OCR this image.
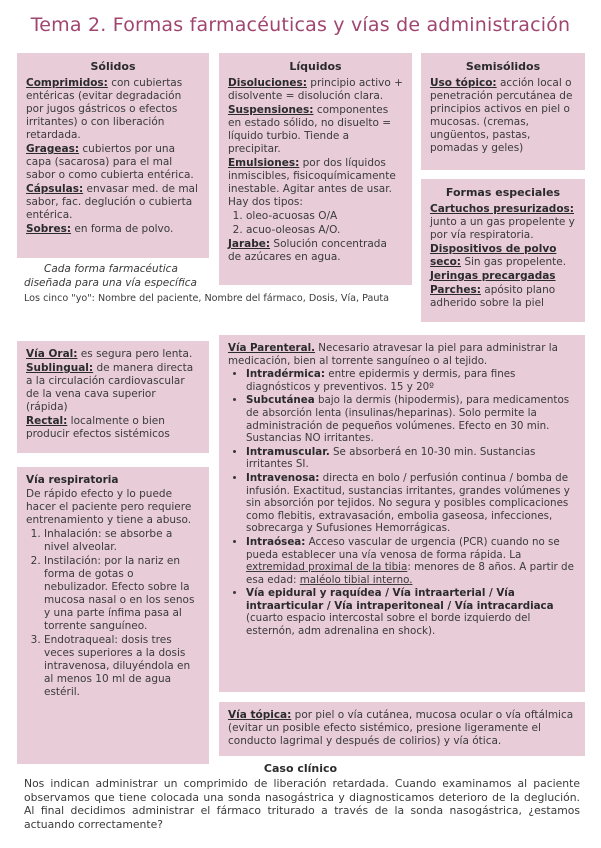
Tema 2. Formas farmacéuticas y vías de administración
Sólidos

Comprimidos: con cubiertas entéricas (evitar degradación por jugos gástricos o efectos irritantes) o con liberación retardada.

Grageas: cubiertos por una capa (sacarosa) para el mal sabor o como cubierta entérica.

Cápsulas: envasar med. de mal sabor, fac. deglución o cubierta entérica.

Sobres: en forma de polvo.

Líquidos

Disoluciones: principio activo + disolvente = disolución clara.

Suspensiones: componentes en estado sólido, no disuelto = líquido turbio. Tiende a precipitar.

Emulsiones: por dos líquidos inmiscibles, fisicoquímicamente inestable. Agitar antes de usar. Hay dos tipos:

1. oleo-acuosas O/A
2. acuo-oleosas A/O.

Jarabe: Solución concentrada de azúcares en agua.

Semisólidos

Uso tópico: acción local o penetración percutánea de principios activos en piel o mucosas. (cremas, ungüentos, pastas, pomadas y geles)

Formas especiales

Cartuchos presurizados: junto a un gas propelente y por vía respiratoria.

Dispositivos de polvo seco: Sin gas propelente.

Jeringas precargadas

Parches: apósito plano adherido sobre la piel

Cada forma farmacéutica
diseñada para una vía específica
Los cinco "yo": Nombre del paciente, Nombre del fármaco, Dosis, Vía, Pauta

Vía Oral: es segura pero lenta.

Sublingual: de manera directa a la circulación cardiovascular de la vena cava superior (rápida)

Rectal: localmente o bien producir efectos sistémicos

Vía respiratoria

De rápido efecto y lo puede hacer el paciente pero requiere entrenamiento y tiene a abuso.

1. Inhalación: se absorbe a nivel alveolar.
2. Instilación: por la nariz en forma de gotas o nebulizador. Efecto sobre la mucosa nasal o en los senos y una parte ínfima pasa al torrente sanguíneo.
3. Endotraqueal: dosis tres veces superiores a la dosis intravenosa, diluyéndola en al menos 10 ml de agua estéril.

Vía Parenteral. Necesario atravesar la piel para administrar la medicación, bien al torrente sanguíneo o al tejido.

• Intradérmica: entre epidermis y dermis, para fines diagnósticos y preventivos. 15 y 20º
• Subcutánea bajo la dermis (hipodermis), para medicamentos de absorción lenta (insulinas/heparinas). Solo permite la administración de pequeños volúmenes. Efecto en 30 min. Sustancias NO irritantes.
• Intramuscular. Se absorberá en 10-30 min. Sustancias irritantes SI.
• Intravenosa: directa en bolo / perfusión continua / bomba de infusión. Exactitud, sustancias irritantes, grandes volúmenes y sin absorción por tejidos. No segura y posibles complicaciones como flebitis, extravasación, embolia gaseosa, infecciones, sobrecarga y Sufusiones Hemorrágicas.
• Intraósea: Acceso vascular de urgencia (PCR) cuando no se pueda establecer una vía venosa de forma rápida. La extremidad proximal de la tibia: menores de 8 años. A partir de esa edad: maléolo tibial interno.
• Vía epidural y raquídea / Vía intraarterial / Vía intraarticular / Vía intraperitoneal / Vía intracardiaca (cuarto espacio intercostal sobre el borde izquierdo del esternón, adm adrenalina en shock).

Vía tópica: por piel o vía cutánea, mucosa ocular o vía oftálmica (evitar un posible efecto sistémico, presione ligeramente el conducto lagrimal y después de colirios) y vía ótica.

Caso clínico
Nos indican administrar un comprimido de liberación retardada. Cuando examinamos al paciente observamos que tiene colocada una sonda nasogástrica y diagnosticamos deterioro de la deglución. Al final decidimos administrar el fármaco triturado a través de la sonda nasogástrica, ¿estamos actuando correctamente?
